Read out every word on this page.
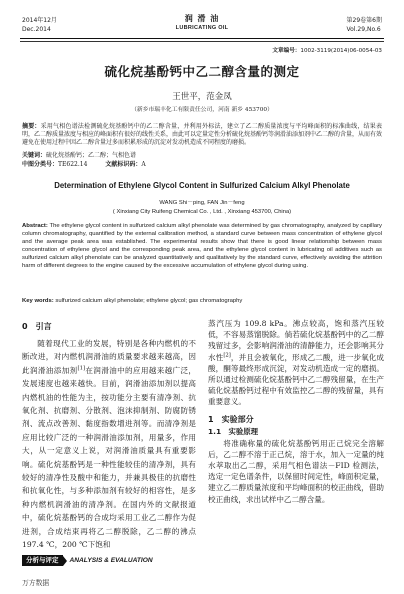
2014年12月
Dec.2014
润 滑 油
LUBRICATING OIL
第29卷第6期
Vol.29,No.6
文章编号：1002-3119(2014)06-0054-03
硫化烷基酚钙中乙二醇含量的测定
王世平，范金凤
（新乡市瑞丰化工有限责任公司，河南 新乡 453700）
摘要：采用气相色谱法检测硫化烷基酚钙中的乙二醇含量，并利用外标法，建立了乙二醇质量浓度与平均峰面积的标准曲线，结果表明，乙二醇质量浓度与相应的峰面积有很好的线性关系，由此可以定量定性分析硫化烷基酚钙等润滑油添加剂中乙二醇的含量，从而有效避免在使用过程中因乙二醇含量过多而积累形成的沉淀对发动机造成不同程度的磨损。
关键词：硫化烷基酚钙；乙二醇；气相色谱
中图分类号：TE622.14	文献标识码：A
Determination of Ethylene Glycol Content in Sulfurized Calcium Alkyl Phenolate
WANG Shi－ping, FAN Jin－feng
( Xinxiang City Ruifeng Chemical Co. , Ltd. , Xinxiang 453700, China)
Abstract: The ethylene glycol content in sulfurized calcium alkyl phenolate was determined by gas chromatography, analyzed by capillary column chromatography, quantified by the external calibration method, a standard curve between mass concentration of ethylene glycol and the average peak area was established. The experimental results show that there is good linear relationship between mass concentration of ethylene glycol and the corresponding peak area, and the ethylene glycol content in lubricating oil additives such as sulfurized calcium alkyl phenolate can be analyzed quantitatively and qualitatively by the standard curve, effectively avoiding the attrition harm of different degrees to the engine caused by the excessive accumulation of ethylene glycol during using.
Key words: sulfurized calcium alkyl phenolate; ethylene glycol; gas chromatography
0　引言

随着现代工业的发展，特别是各种内燃机的不断改进，对内燃机润滑油的质量要求越来越高，因此润滑油添加剂[1]在润滑油中的应用越来越广泛，发展速度也越来越快。目前，润滑油添加剂以提高内燃机油的性能为主，按功能分主要有清净剂、抗氧化剂、抗磨剂、分散剂、泡沫抑制剂、防腐防锈剂、流点改善剂、黏度指数增进剂等。而清净剂是应用比较广泛的一种润滑油添加剂，用量多，作用大，从一定意义上说，对润滑油质量具有重要影响。硫化烷基酚钙是一种性能较佳的清净剂，具有较好的清净性及酸中和能力，并兼具极佳的抗磨性和抗氧化性，与多种添加剂有较好的相容性，是多种内燃机润滑油的清净剂。在国内外的文献报道中，硫化烷基酚钙的合成均采用工业乙二醇作为促进剂，合成结束再将乙二醇脱除，乙二醇的沸点 197.4 ℃，200 ℃下饱和

蒸汽压为 109.8 kPa。沸点较高，饱和蒸汽压较低，不容易蒸馏脱除。倘若硫化烷基酚钙中的乙二醇残留过多，会影响润滑油的清静能力，还会影响其分水性[2]，并且会被氧化，形成乙二酸，进一步氧化成酸，酮等最终形成沉淀，对发动机造成一定的磨损。所以通过检测硫化烷基酚钙中乙二醇残留量，在生产硫化烷基酚钙过程中有效监控乙二醇的残留量，具有重要意义。

1　实验部分
1.1　实验原理

将准确称量的硫化烷基酚钙用正己烷完全溶解后，乙二醇不溶于正己烷，溶于水，加入一定量的纯水萃取出乙二醇，采用气相色谱法－FID 检测法，选定一定色谱条件，以保留时间定性，峰面积定量，建立乙二醇质量浓度和平均峰面积的校正曲线，借助校正曲线，求出试样中乙二醇含量。

分析与评定	ANALYSIS & EVALUATION
万方数据
